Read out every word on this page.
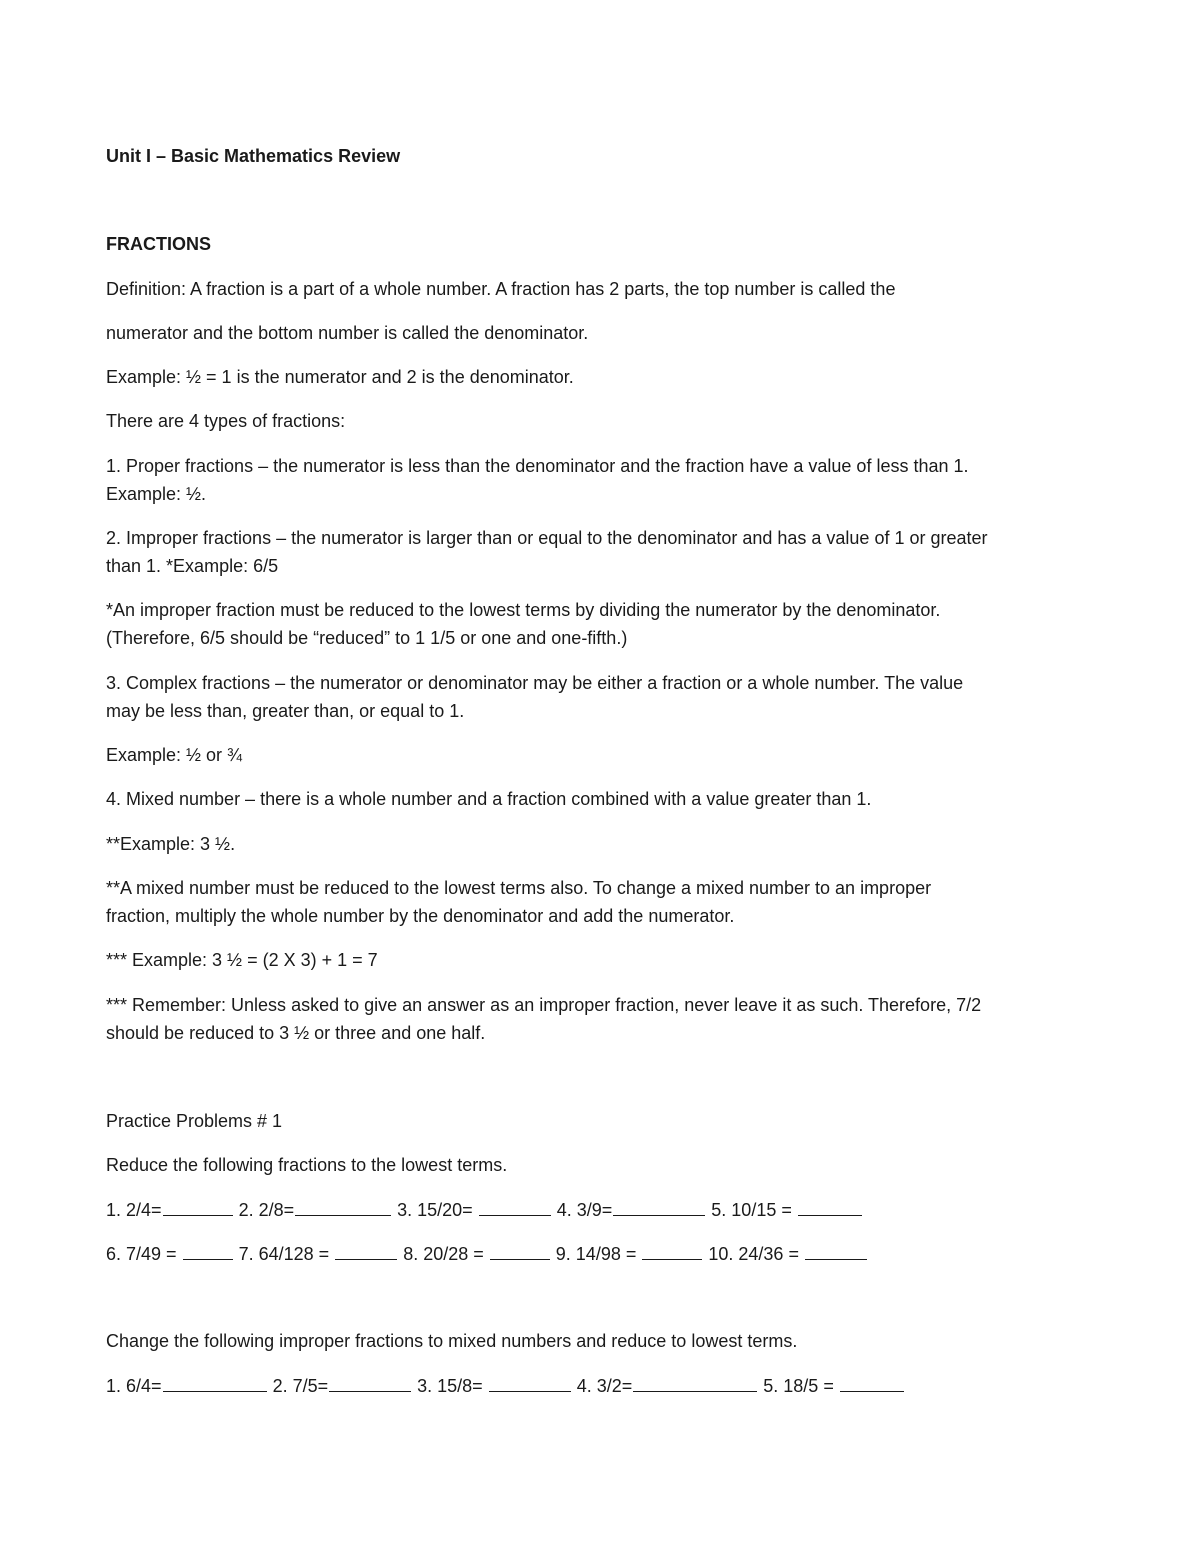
Unit I – Basic Mathematics Review
FRACTIONS
Definition: A fraction is a part of a whole number. A fraction has 2 parts, the top number is called the
numerator and the bottom number is called the denominator.
Example: ½ = 1 is the numerator and 2 is the denominator.
There are 4 types of fractions:
1. Proper fractions – the numerator is less than the denominator and the fraction have a value of less than 1.
Example: ½.
2. Improper fractions – the numerator is larger than or equal to the denominator and has a value of 1 or greater
than 1. *Example: 6/5
*An improper fraction must be reduced to the lowest terms by dividing the numerator by the denominator.
(Therefore, 6/5 should be “reduced” to 1 1/5 or one and one-fifth.)
3. Complex fractions – the numerator or denominator may be either a fraction or a whole number. The value
may be less than, greater than, or equal to 1.
Example: ½ or ¾
4. Mixed number – there is a whole number and a fraction combined with a value greater than 1.
**Example: 3 ½.
**A mixed number must be reduced to the lowest terms also. To change a mixed number to an improper
fraction, multiply the whole number by the denominator and add the numerator.
*** Example: 3 ½ = (2 X 3) + 1 = 7
*** Remember: Unless asked to give an answer as an improper fraction, never leave it as such. Therefore, 7/2
should be reduced to 3 ½ or three and one half.
Practice Problems # 1
Reduce the following fractions to the lowest terms.
1. 2/4=	2. 2/8=	3. 15/20=	4. 3/9=	5. 10/15 =
6. 7/49 =	7. 64/128 =	8. 20/28 =	9. 14/98 =	10. 24/36 =
Change the following improper fractions to mixed numbers and reduce to lowest terms.
1. 6/4=	2. 7/5=	3. 15/8=	4. 3/2=	5. 18/5 =
